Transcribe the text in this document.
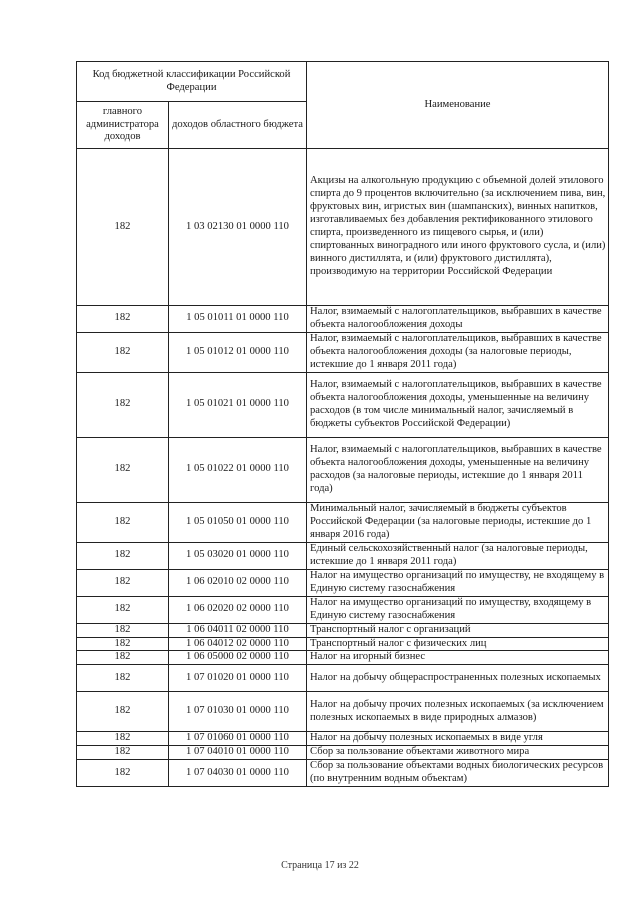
Код бюджетной классификации Российской Федерации		Наименование
главного администратора доходов	доходов областного бюджета	
182	1 03 02130 01 0000 110	Акцизы на алкогольную продукцию с объемной долей этилового спирта до 9 процентов включительно (за исключением пива, вин, фруктовых вин, игристых вин (шампанских), винных напитков, изготавливаемых без добавления ректификованного этилового спирта, произведенного из пищевого сырья, и (или) спиртованных виноградного или иного фруктового сусла, и (или) винного дистиллята, и (или) фруктового дистиллята), производимую на территории Российской Федерации
182	1 05 01011 01 0000 110	Налог, взимаемый с налогоплательщиков, выбравших в качестве объекта налогообложения доходы
182	1 05 01012 01 0000 110	Налог, взимаемый с налогоплательщиков, выбравших в качестве объекта налогообложения доходы (за налоговые периоды, истекшие до 1 января 2011 года)
182	1 05 01021 01 0000 110	Налог, взимаемый с налогоплательщиков, выбравших в качестве объекта налогообложения доходы, уменьшенные на величину расходов (в том числе минимальный налог, зачисляемый в бюджеты субъектов Российской Федерации)
182	1 05 01022 01 0000 110	Налог, взимаемый с налогоплательщиков, выбравших в качестве объекта налогообложения доходы, уменьшенные на величину расходов (за налоговые периоды, истекшие до 1 января 2011 года)
182	1 05 01050 01 0000 110	Минимальный налог, зачисляемый в бюджеты субъектов Российской Федерации (за налоговые периоды, истекшие до 1 января 2016 года)
182	1 05 03020 01 0000 110	Единый сельскохозяйственный налог (за налоговые периоды, истекшие до 1 января 2011 года)
182	1 06 02010 02 0000 110	Налог на имущество организаций по имуществу, не входящему в Единую систему газоснабжения
182	1 06 02020 02 0000 110	Налог на имущество организаций по имуществу, входящему в Единую систему газоснабжения
182	1 06 04011 02 0000 110	Транспортный налог с организаций
182	1 06 04012 02 0000 110	Транспортный налог с физических лиц
182	1 06 05000 02 0000 110	Налог на игорный бизнес
182	1 07 01020 01 0000 110	Налог на добычу общераспространенных полезных ископаемых
182	1 07 01030 01 0000 110	Налог на добычу прочих полезных ископаемых (за исключением полезных ископаемых в виде природных алмазов)
182	1 07 01060 01 0000 110	Налог на добычу полезных ископаемых в виде угля
182	1 07 04010 01 0000 110	Сбор за пользование объектами животного мира
182	1 07 04030 01 0000 110	Сбор за пользование объектами водных биологических ресурсов (по внутренним водным объектам)
Страница 17 из 22
